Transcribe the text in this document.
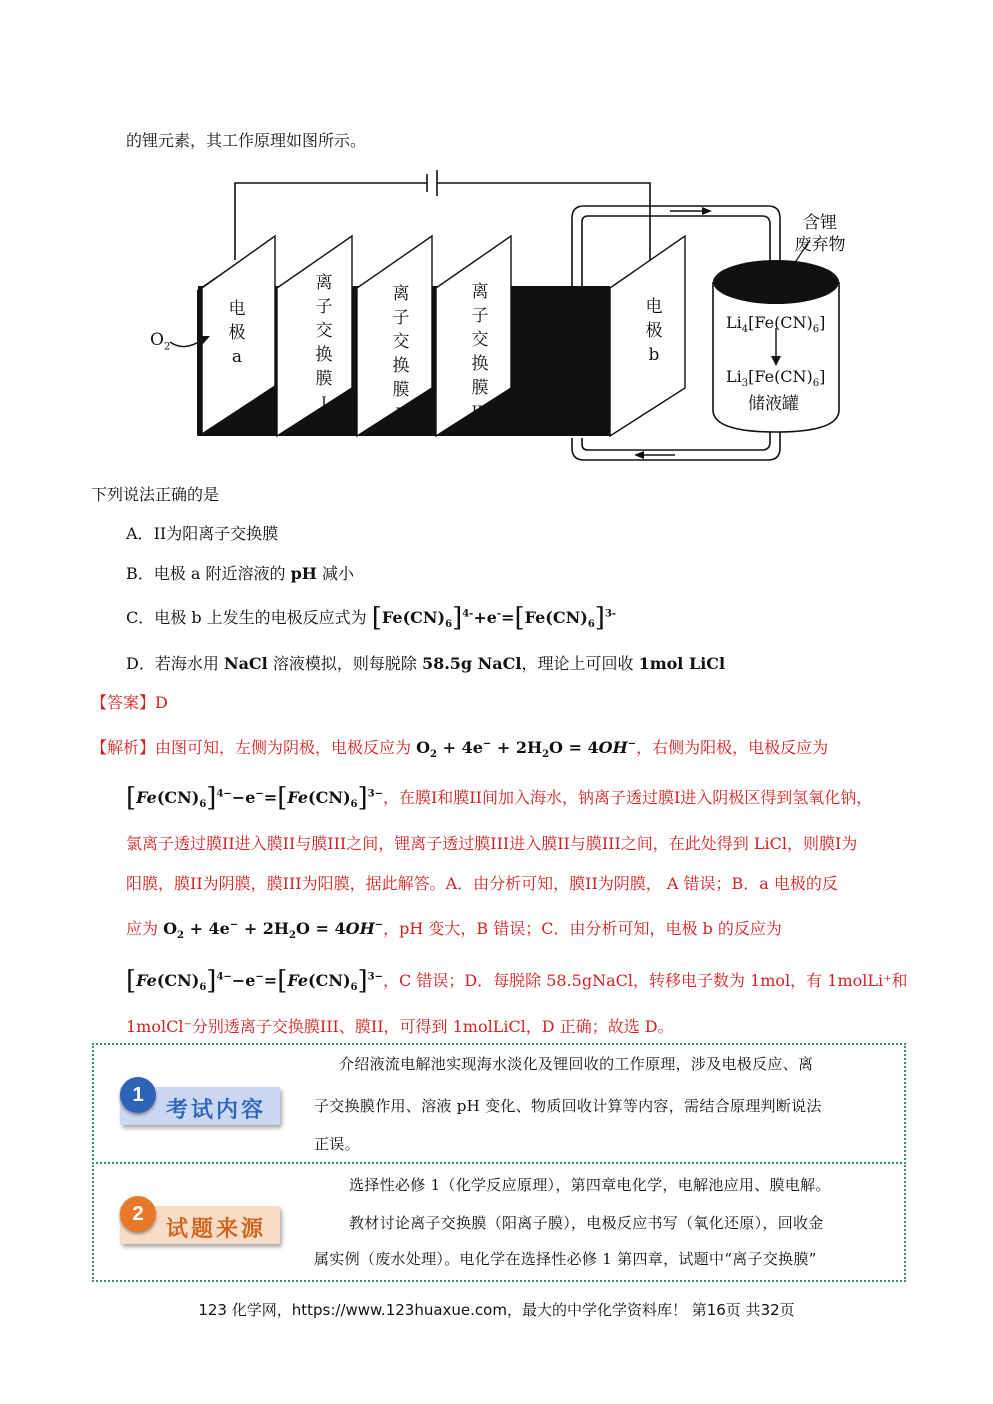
的锂元素，其工作原理如图所示。
$O_2$
电
极
a
离
子
交
换
膜
I
离
子
交
换
膜
II
离
子
交
换
膜
III
电
极
b
含锂
废弃物
$Li_4[Fe(CN)_6]$
$Li_3[Fe(CN)_6]$
储液罐
下列说法正确的是
A．II为阳离子交换膜
B．电极 a 附近溶液的 pH 减小
C．电极 b 上发生的电极反应式为 $[Fe(CN)_6]^{4-}+e^-=[Fe(CN)_6]^{3-}$
D．若海水用 NaCl 溶液模拟，则每脱除 58.5g NaCl，理论上可回收 1mol LiCl
【答案】D
【解析】由图可知，左侧为阴极，电极反应为 $O_2 + 4e^- + 2H_2O = 4OH^-$，右侧为阳极，电极反应为
$[Fe(CN)_6]^{4-}-e^-=[Fe(CN)_6]^{3-}$，在膜I和膜II间加入海水，钠离子透过膜I进入阴极区得到氢氧化钠，
氯离子透过膜II进入膜II与膜III之间，锂离子透过膜III进入膜II与膜III之间，在此处得到 LiCl，则膜I为
阳膜，膜II为阴膜，膜III为阳膜，据此解答。A．由分析可知，膜II为阴膜， A 错误；B．a 电极的反
应为 $O_2 + 4e^- + 2H_2O = 4OH^-$，pH 变大，B 错误；C．由分析可知，电极 b 的反应为
$[Fe(CN)_6]^{4-}-e^-=[Fe(CN)_6]^{3-}$，C 错误；D．每脱除 58.5gNaCl，转移电子数为 1mol，有 1molLi⁺和
1molCl⁻分别透离子交换膜III、膜II，可得到 1molLiCl，D 正确；故选 D。
1
考试内容
介绍液流电解池实现海水淡化及锂回收的工作原理，涉及电极反应、离
子交换膜作用、溶液 pH 变化、物质回收计算等内容，需结合原理判断说法
正误。
2
试题来源
选择性必修 1（化学反应原理），第四章电化学，电解池应用、膜电解。
教材讨论离子交换膜（阳离子膜），电极反应书写（氧化还原），回收金
属实例（废水处理）。电化学在选择性必修 1 第四章，试题中“离子交换膜”
123 化学网，https://www.123huaxue.com，最大的中学化学资料库！ 第16页 共32页
